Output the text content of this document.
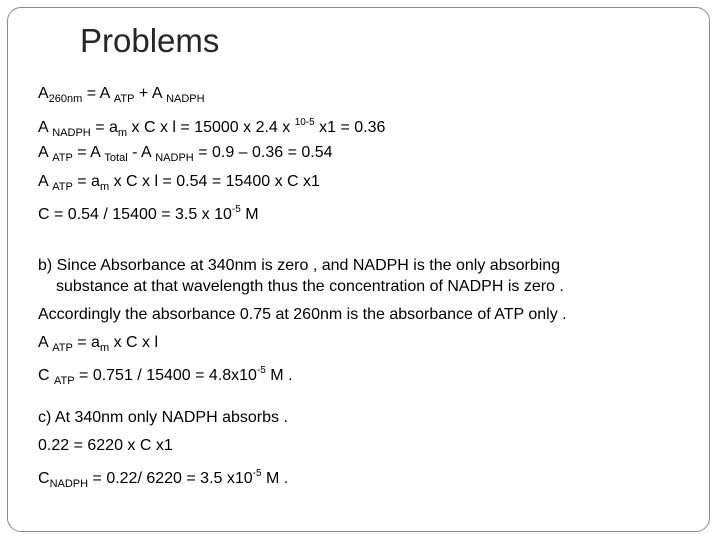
Problems
$A_{260nm} = A$ $_{ATP}$ + A $_{NADPH}$
A $_{NADPH} = a_m$ x C x l = 15000 x 2.4 x $^{10-5}$ x1 = 0.36
A $_{ATP}$ = A $_{Total}$ - A $_{NADPH}$ = 0.9 – 0.36 = 0.54
A $_{ATP} = a_m$ x C x l = 0.54 = 15400 x C x1
C = 0.54 / 15400 = 3.5 x $10^{-5}$ M
b) Since Absorbance at 340nm is zero , and NADPH is the only absorbing
substance at that wavelength thus the concentration of NADPH is zero .
Accordingly the absorbance 0.75 at 260nm is the absorbance of ATP only .
A $_{ATP} = a_m$ x C x l
C $_{ATP} = 0.751 / 15400 = 4.8x10^{-5}$ M .
c) At 340nm only NADPH absorbs .
0.22 = 6220 x C x1
$C_{NADPH} = 0.22/$ 6220 = 3.5 $x10^{-5}$ M .
